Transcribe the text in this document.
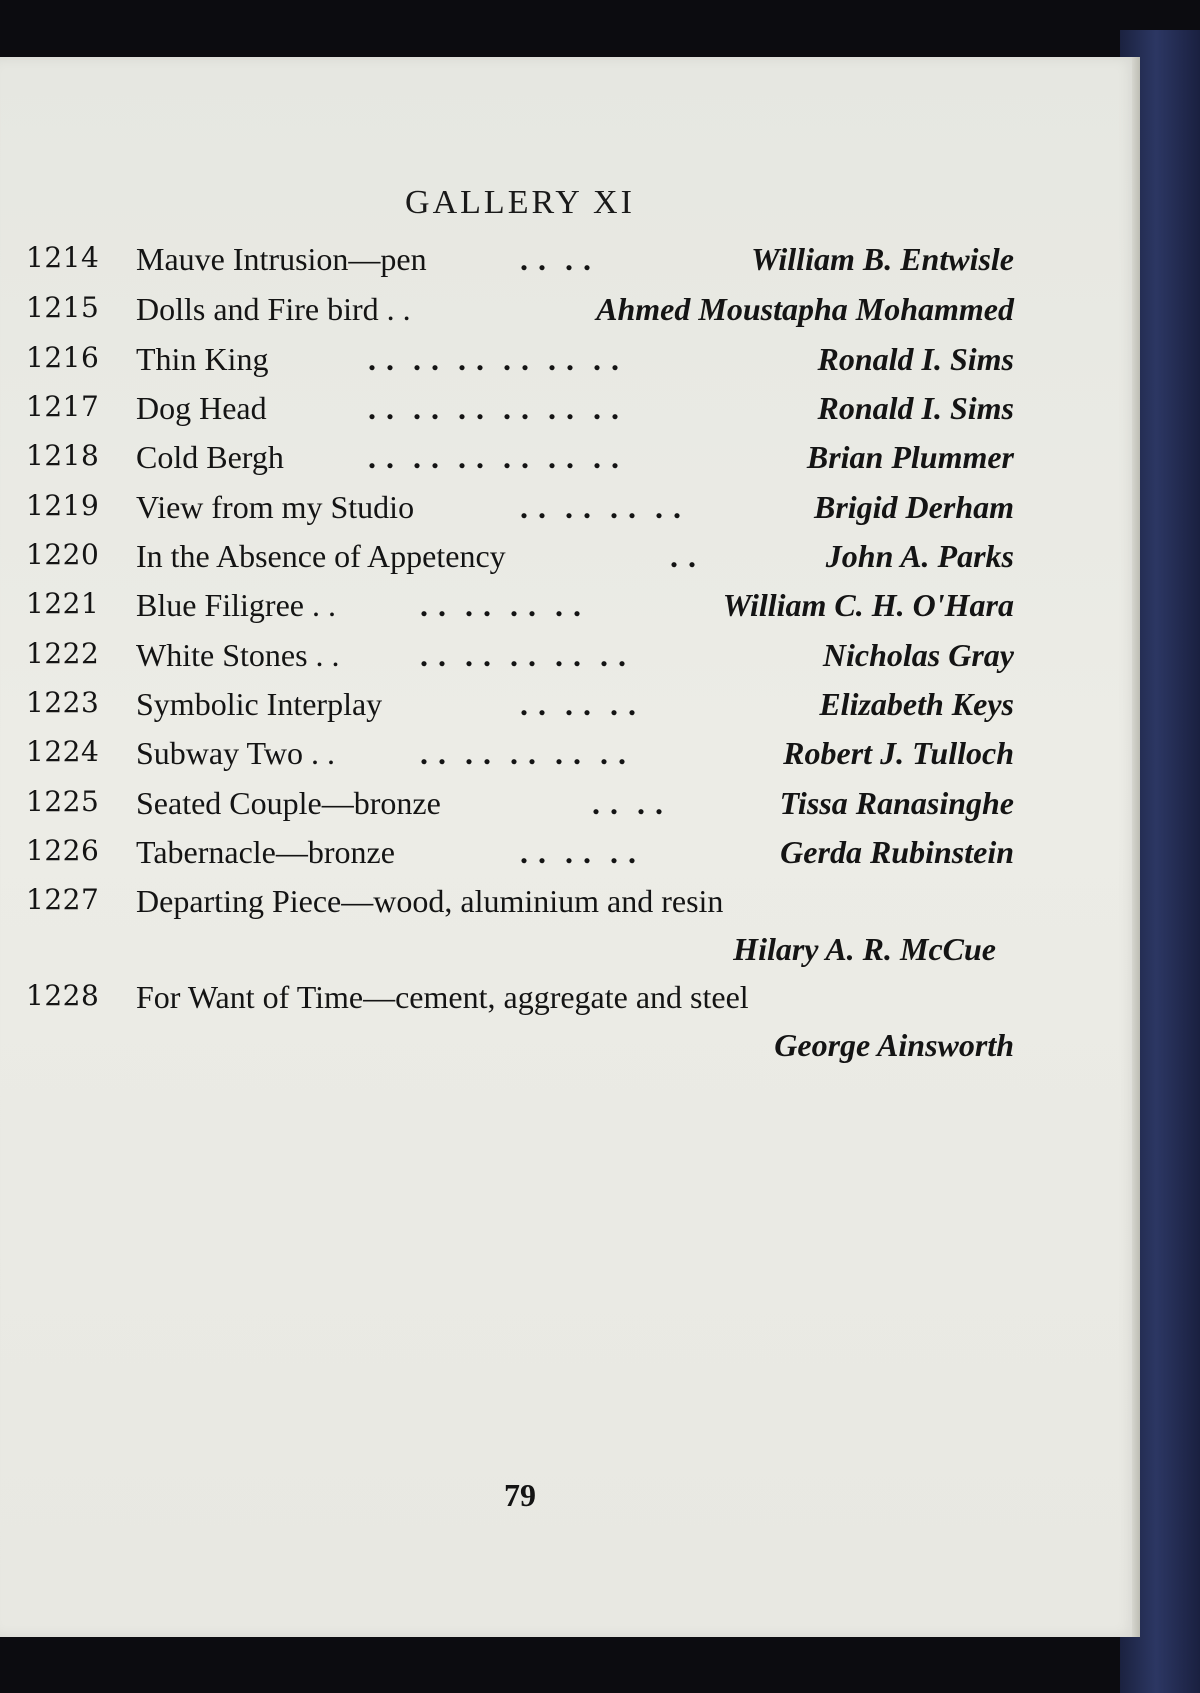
GALLERY XI
1214	Mauve Intrusion—pen	. .  . .	William B. Entwisle
1215	Dolls and Fire bird . .	Ahmed Moustapha Mohammed
1216	Thin King	. .  . .  . .  . .  . .  . .	Ronald I. Sims
1217	Dog Head	. .  . .  . .  . .  . .  . .	Ronald I. Sims
1218	Cold Bergh	. .  . .  . .  . .  . .  . .	Brian Plummer
1219	View from my Studio	. .  . .  . .  . .	Brigid Derham
1220	In the Absence of Appetency	. .	John A. Parks
1221	Blue Filigree . .	. .  . .  . .  . .	William C. H. O'Hara
1222	White Stones . .	. .  . .  . .  . .  . .	Nicholas Gray
1223	Symbolic Interplay	. .  . .  . .	Elizabeth Keys
1224	Subway Two . .	. .  . .  . .  . .  . .	Robert J. Tulloch
1225	Seated Couple—bronze	. .  . .	Tissa Ranasinghe
1226	Tabernacle—bronze	. .  . .  . .	Gerda Rubinstein
1227	Departing Piece—wood, aluminium and resin
Hilary A. R. McCue
1228	For Want of Time—cement, aggregate and steel
George Ainsworth
79
